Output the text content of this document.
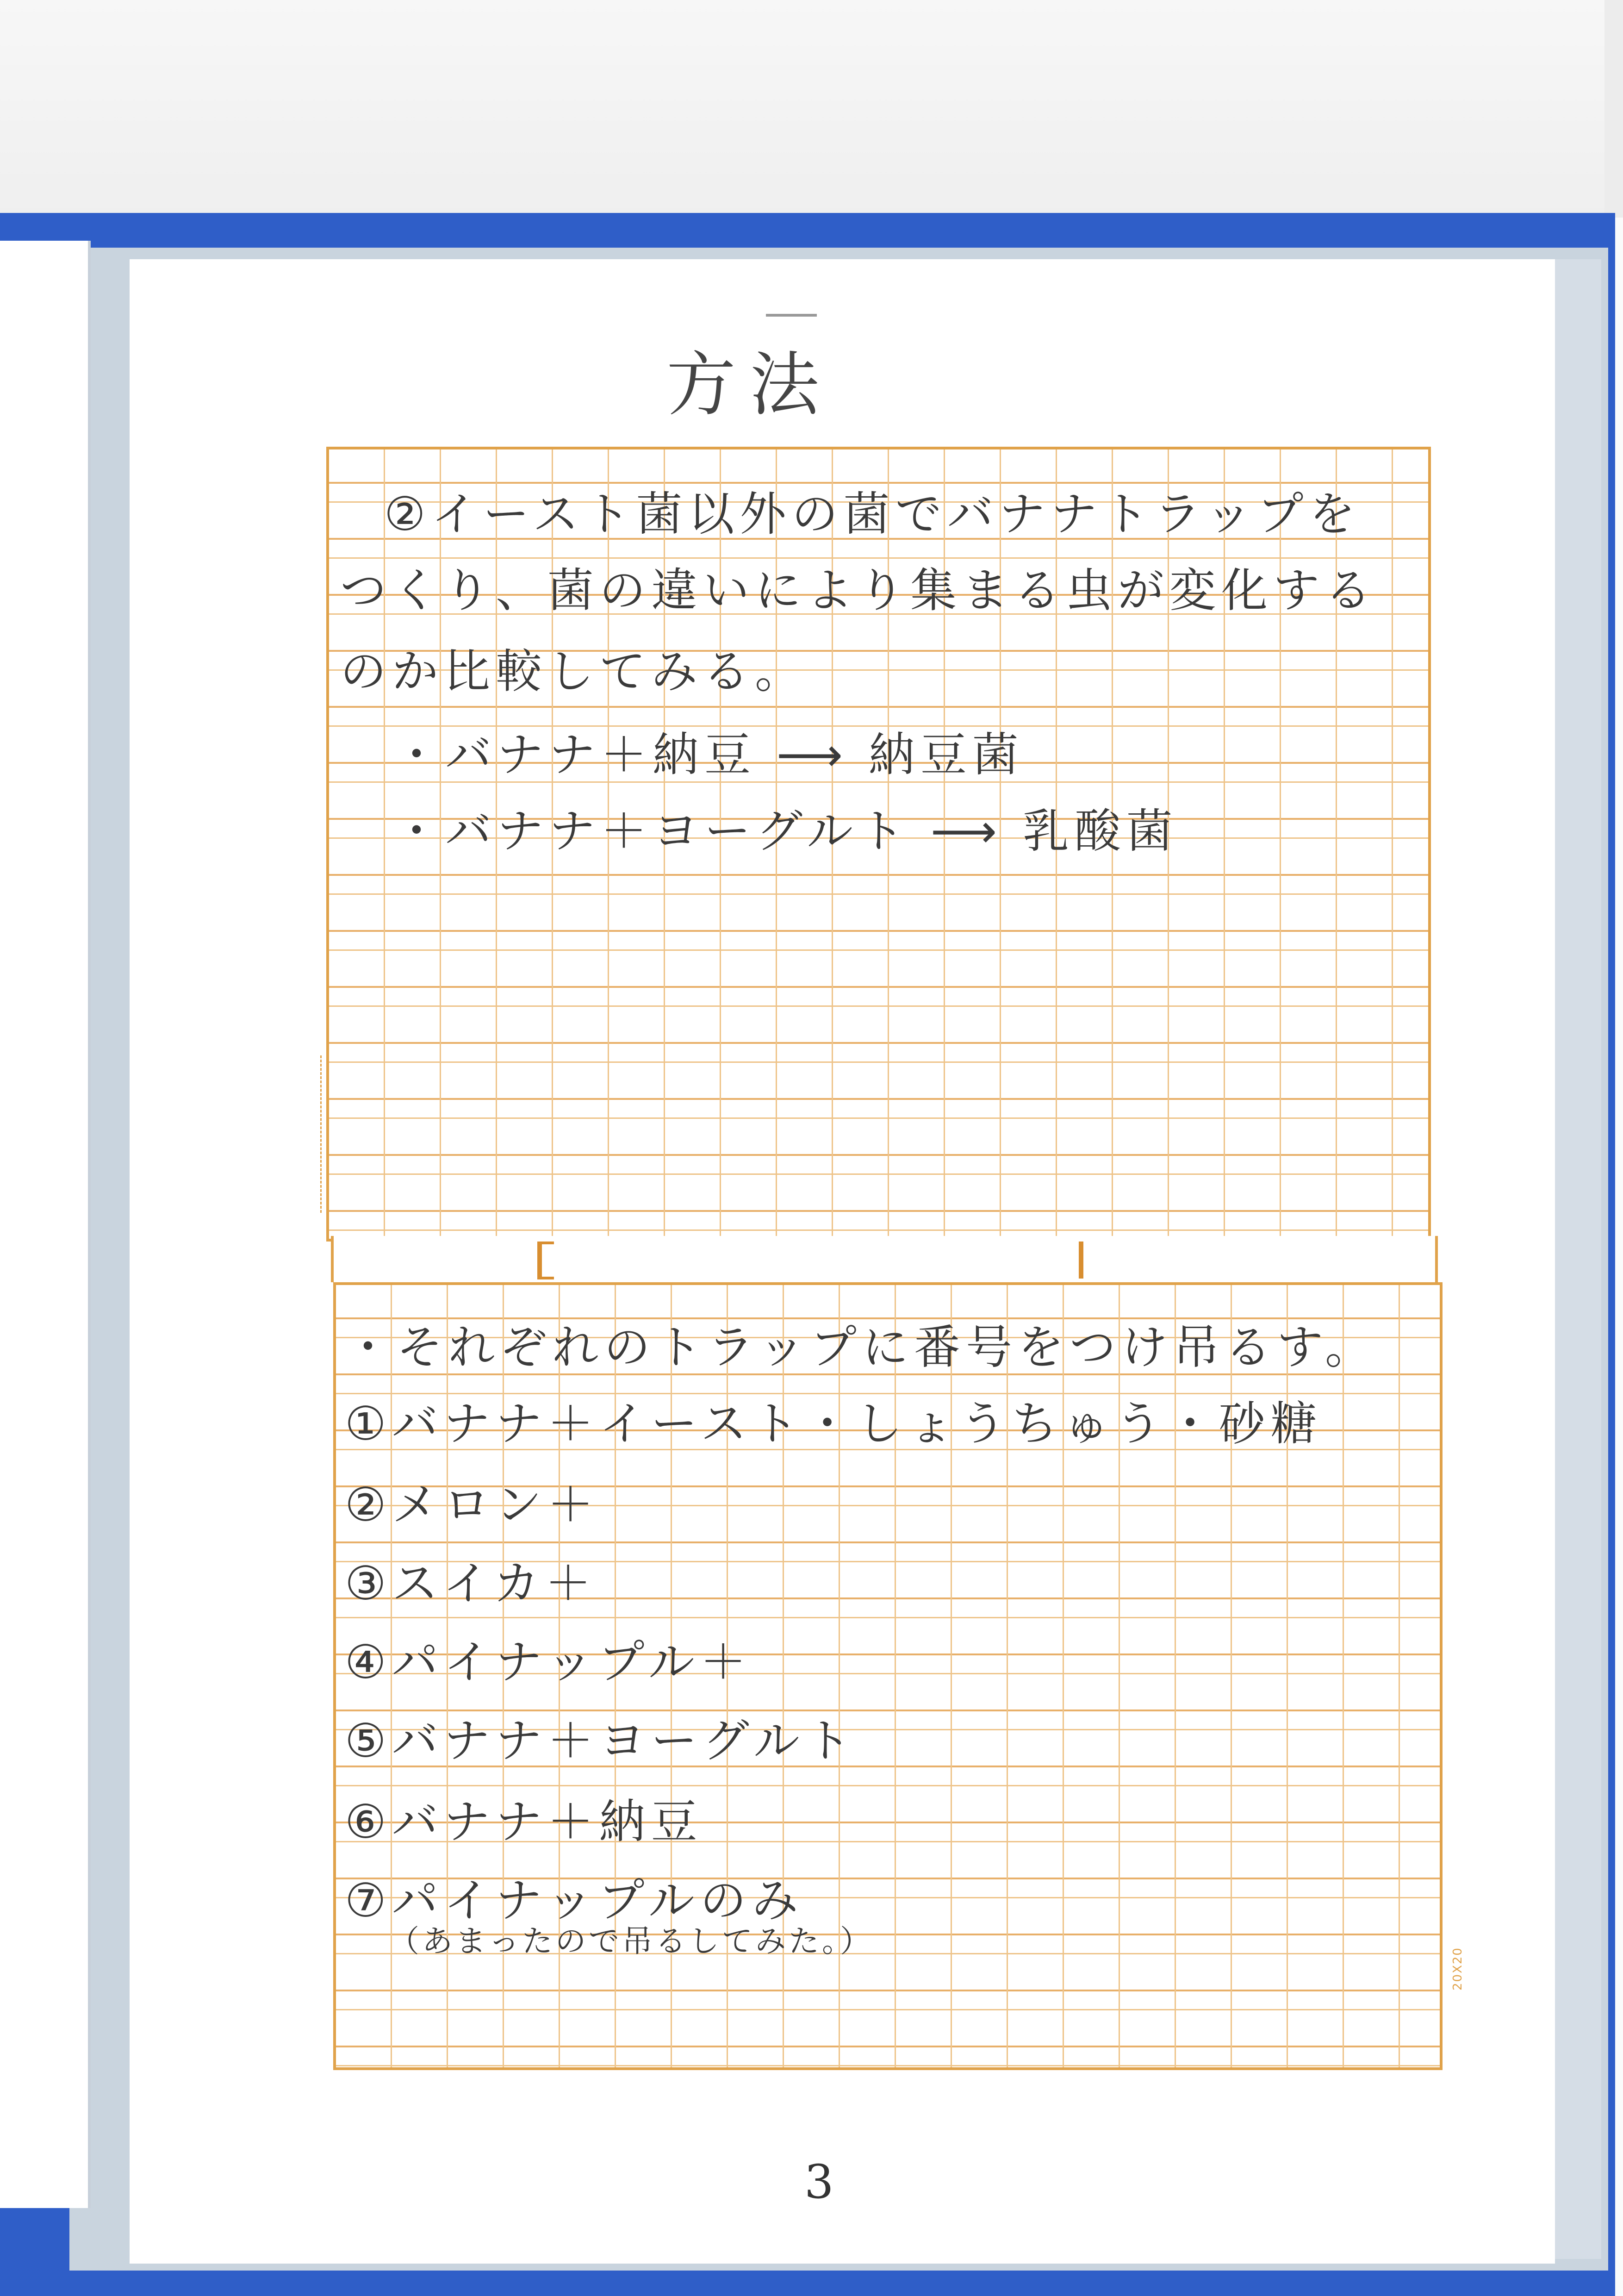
方法
20X20
②イースト菌以外の菌でバナナトラップを
つくり、菌の違いにより集まる虫が変化する
のか比較してみる。
・バナナ＋納豆 ⟶ 納豆菌
・バナナ＋ヨーグルト ⟶ 乳酸菌
・それぞれのトラップに番号をつけ吊るす。
①バナナ＋イースト・しょうちゅう・砂糖
②メロン＋
③スイカ＋
④パイナップル＋
⑤バナナ＋ヨーグルト
⑥バナナ＋納豆
⑦パイナップルのみ
（あまったので吊るしてみた。）
3
